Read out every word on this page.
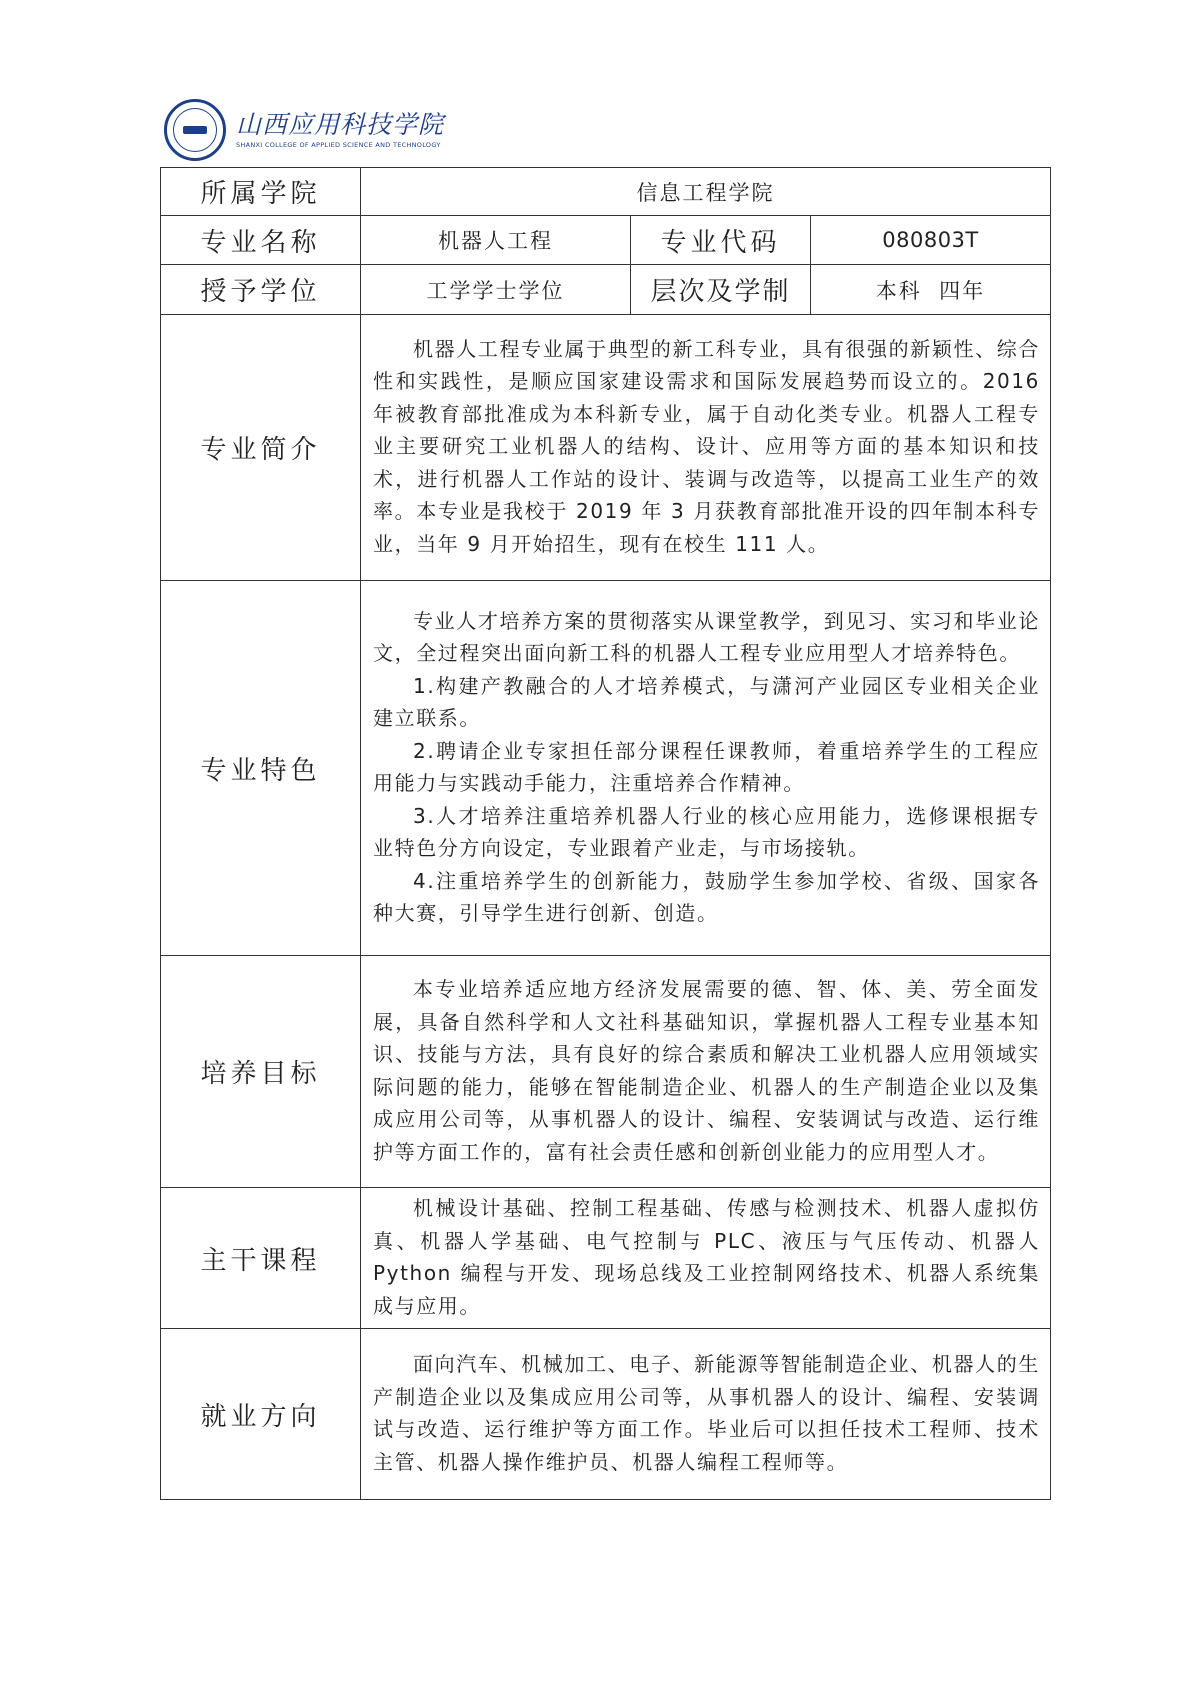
山西应用科技学院
SHANXI COLLEGE OF APPLIED SCIENCE AND TECHNOLOGY
所属学院	信息工程学院		
专业名称	机器人工程	专业代码	080803T
授予学位	工学学士学位	层次及学制	本科  四年
专业简介	机器人工程专业属于典型的新工科专业，具有很强的新颖性、综合性和实践性，是顺应国家建设需求和国际发展趋势而设立的。2016 年被教育部批准成为本科新专业，属于自动化类专业。机器人工程专业主要研究工业机器人的结构、设计、应用等方面的基本知识和技术，进行机器人工作站的设计、装调与改造等，以提高工业生产的效率。本专业是我校于 2019 年 3 月获教育部批准开设的四年制本科专业，当年 9 月开始招生，现有在校生 111 人。		

专业特色	专业人才培养方案的贯彻落实从课堂教学，到见习、实习和毕业论文，全过程突出面向新工科的机器人工程专业应用型人才培养特色。

1.构建产教融合的人才培养模式，与潇河产业园区专业相关企业建立联系。

2.聘请企业专家担任部分课程任课教师，着重培养学生的工程应用能力与实践动手能力，注重培养合作精神。

3.人才培养注重培养机器人行业的核心应用能力，选修课根据专业特色分方向设定，专业跟着产业走，与市场接轨。

4.注重培养学生的创新能力，鼓励学生参加学校、省级、国家各种大赛，引导学生进行创新、创造。		

培养目标	本专业培养适应地方经济发展需要的德、智、体、美、劳全面发展，具备自然科学和人文社科基础知识，掌握机器人工程专业基本知识、技能与方法，具有良好的综合素质和解决工业机器人应用领域实际问题的能力，能够在智能制造企业、机器人的生产制造企业以及集成应用公司等，从事机器人的设计、编程、安装调试与改造、运行维护等方面工作的，富有社会责任感和创新创业能力的应用型人才。		

主干课程	机械设计基础、控制工程基础、传感与检测技术、机器人虚拟仿真、机器人学基础、电气控制与 PLC、液压与气压传动、机器人 Python 编程与开发、现场总线及工业控制网络技术、机器人系统集成与应用。		

就业方向	面向汽车、机械加工、电子、新能源等智能制造企业、机器人的生产制造企业以及集成应用公司等，从事机器人的设计、编程、安装调试与改造、运行维护等方面工作。毕业后可以担任技术工程师、技术主管、机器人操作维护员、机器人编程工程师等。		
